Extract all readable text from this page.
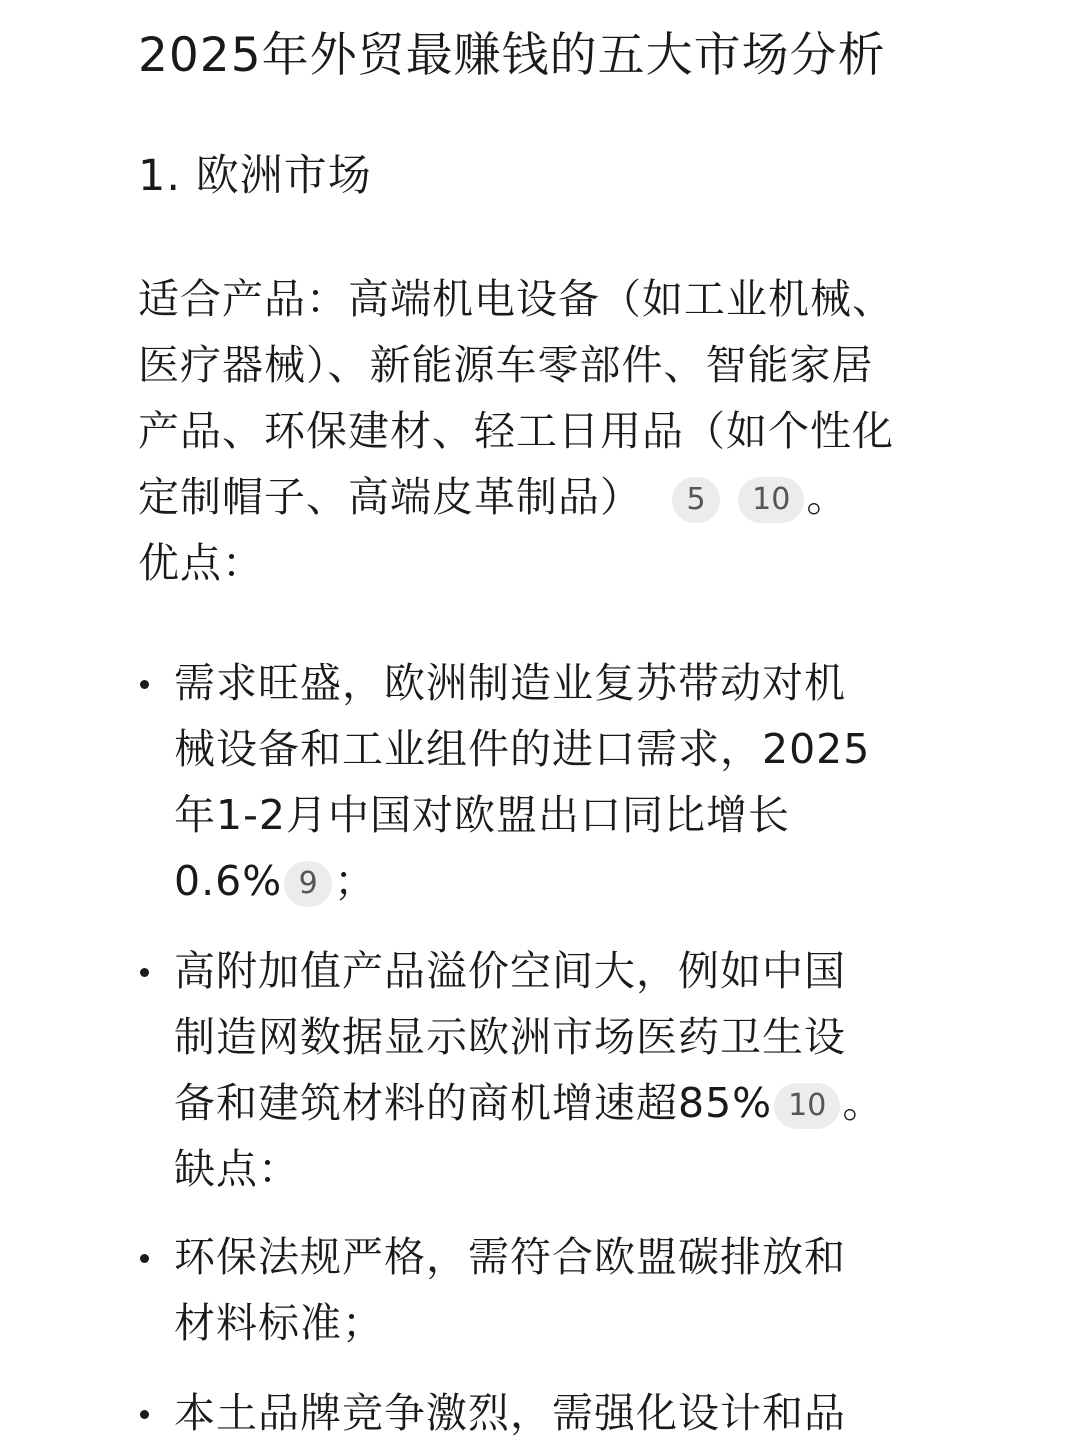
2025年外贸最赚钱的五大市场分析
1. 欧洲市场
适合产品：高端机电设备（如工业机械、
医疗器械）、新能源车零部件、智能家居
产品、环保建材、轻工日用品（如个性化
定制帽子、高端皮革制品） 5 10 。
优点：
需求旺盛，欧洲制造业复苏带动对机
械设备和工业组件的进口需求，2025
年1-2月中国对欧盟出口同比增长
0.6% 9 ；
高附加值产品溢价空间大，例如中国
制造网数据显示欧洲市场医药卫生设
备和建筑材料的商机增速超85% 10 。
缺点：
环保法规严格，需符合欧盟碳排放和
材料标准；
本土品牌竞争激烈，需强化设计和品
